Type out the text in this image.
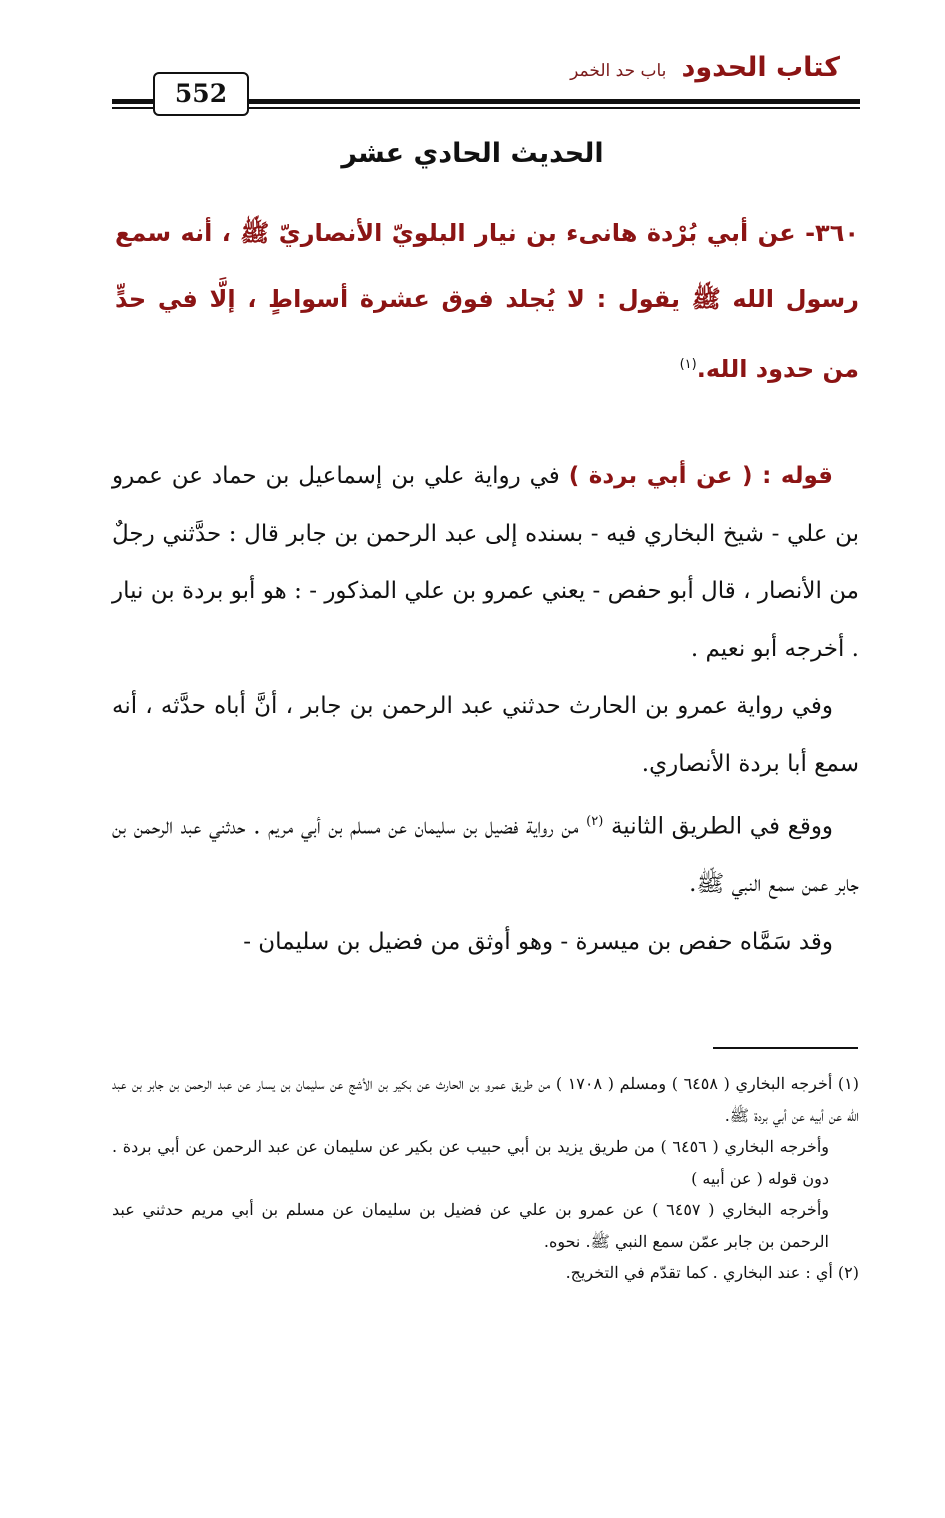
كتاب الحدود باب حد الخمر
552
الحديث الحادي عشر
٣٦٠- عن أبي بُرْدة هانىء بن نيار البلويّ الأنصاريّ ﷺ ، أنه سمع رسول الله ﷺ يقول : لا يُجلد فوق عشرة أسواطٍ ، إلَّا في حدٍّ من حدود الله.$^{(١)}$

قوله : ( عن أبي بردة ) في رواية علي بن إسماعيل بن حماد عن عمرو بن علي - شيخ البخاري فيه - بسنده إلى عبد الرحمن بن جابر قال : حدَّثني رجلٌ من الأنصار ، قال أبو حفص - يعني عمرو بن علي المذكور - : هو أبو بردة بن نيار . أخرجه أبو نعيم .

وفي رواية عمرو بن الحارث حدثني عبد الرحمن بن جابر ، أنَّ أباه حدَّثه ، أنه سمع أبا بردة الأنصاري.

ووقع في الطريق الثانية $^{(٢)}$ من رواية فضيل بن سليمان عن مسلم بن أبي مريم . حدثني عبد الرحمن بن جابر عمن سمع النبي ﷺ.

وقد سَمَّاه حفص بن ميسرة - وهو أوثق من فضيل بن سليمان -

(١) أخرجه البخاري ( ٦٤٥٨ ) ومسلم ( ١٧٠٨ ) من طريق عمرو بن الحارث عن بكير بن الأشج عن سليمان بن يسار عن عبد الرحمن بن جابر بن عبد الله عن أبيه عن أبي بردة ﷺ.

وأخرجه البخاري ( ٦٤٥٦ ) من طريق يزيد بن أبي حبيب عن بكير عن سليمان عن عبد الرحمن عن أبي بردة . دون قوله ( عن أبيه )

وأخرجه البخاري ( ٦٤٥٧ ) عن عمرو بن علي عن فضيل بن سليمان عن مسلم بن أبي مريم حدثني عبد الرحمن بن جابر عمّن سمع النبي ﷺ. نحوه.

(٢) أي : عند البخاري . كما تقدّم في التخريج.
